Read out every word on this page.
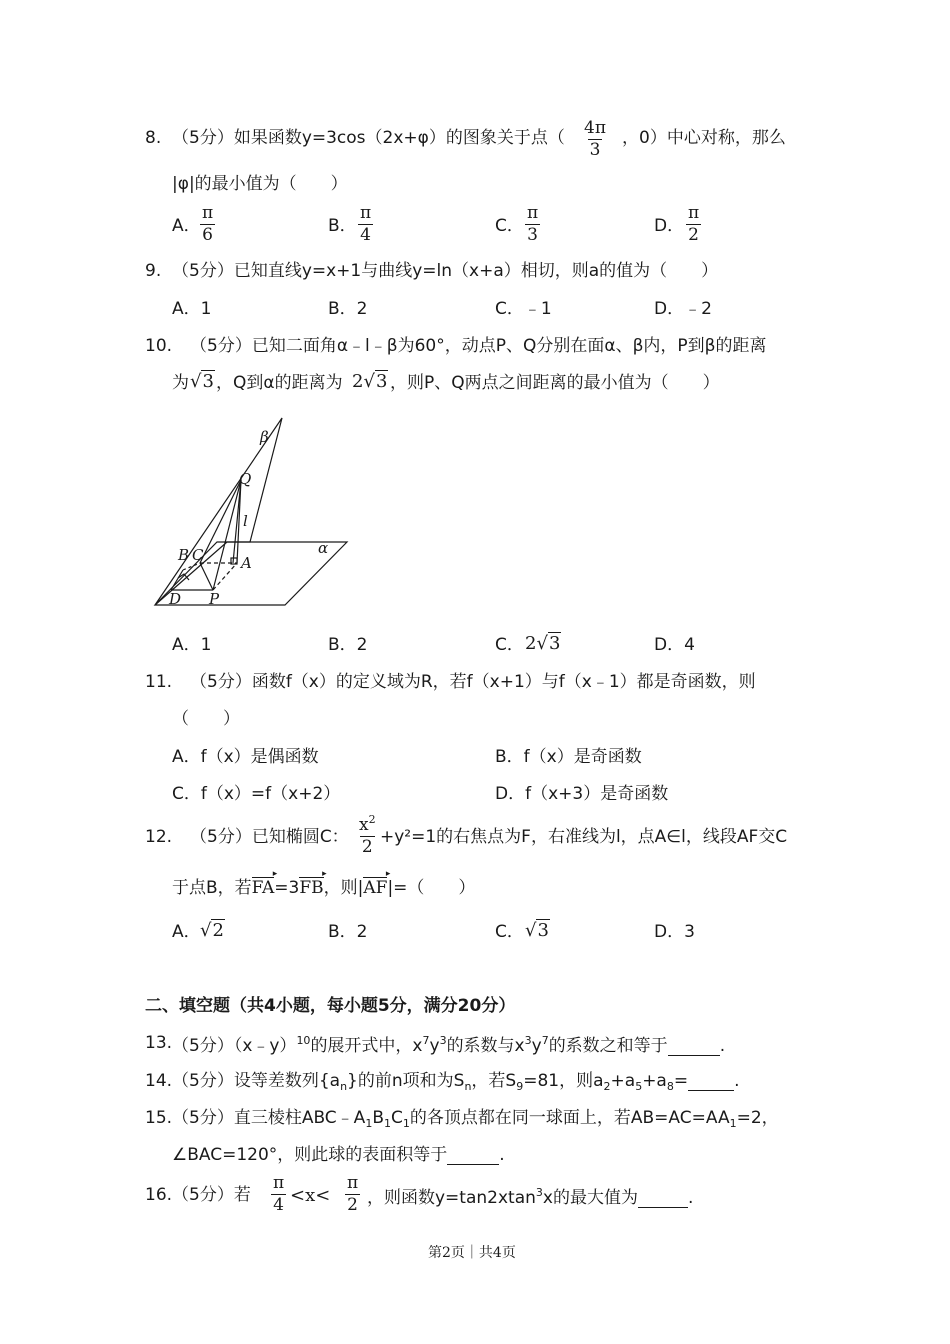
8. （5分）如果函数y=3cos（2x+φ）的图象关于点（ $\frac{4\pi}{3}$ ，0）中心对称，那么
|φ|的最小值为（　　）
A． $\frac{\pi}{6}$	B． $\frac{\pi}{4}$	C． $\frac{\pi}{3}$	D． $\frac{\pi}{2}$
9. （5分）已知直线y=x+1与曲线y=ln（x+a）相切，则a的值为（　　）
A．1	B．2	C．﹣1	D．﹣2
10. （5分）已知二面角α﹣l﹣β为60°，动点P、Q分别在面α、β内，P到β的距离
为 √3 ，Q到α的距离为 2√3 ，则P、Q两点之间距离的最小值为（　　）
β
Q
l
B C	A
α
D P
A．1	B．2	C． 2√3	D．4
11. （5分）函数f（x）的定义域为R，若f（x+1）与f（x﹣1）都是奇函数，则
（　　）
A．f（x）是偶函数	B．f（x）是奇函数
C．f（x）=f（x+2）	D．f（x+3）是奇函数
12. （5分）已知椭圆C： $\frac{x^2}{2} +y^2=1$的右焦点为F，右准线为l，点A∈l，线段AF交C
于点B，若FA ▸=3FB ▸，则|AF ▸|=（　　）
A． √2	B．2	C． √3	D．3
二、填空题（共4小题，每小题5分，满分20分）
13. （5分）（x﹣y）$^{10}$的展开式中，$x^7y^3$的系数与$x^3y^7$的系数之和等于	.
14. （5分）设等差数列$\{a_n\}$的前n项和为$S_n$，若$S_9=81$，则$a_2+a_5+a_8=$	.
15. （5分）直三棱柱$ABC﹣A_1B_1C_1$的各顶点都在同一球面上，若$AB=AC=AA_1=2$，
∠BAC=120°，则此球的表面积等于	.
16. （5分）若 $\frac{\pi}{4} <x< \frac{\pi}{2}$ ，则函数y=tan2xtan$^3$x的最大值为	.
第2页｜共4页
